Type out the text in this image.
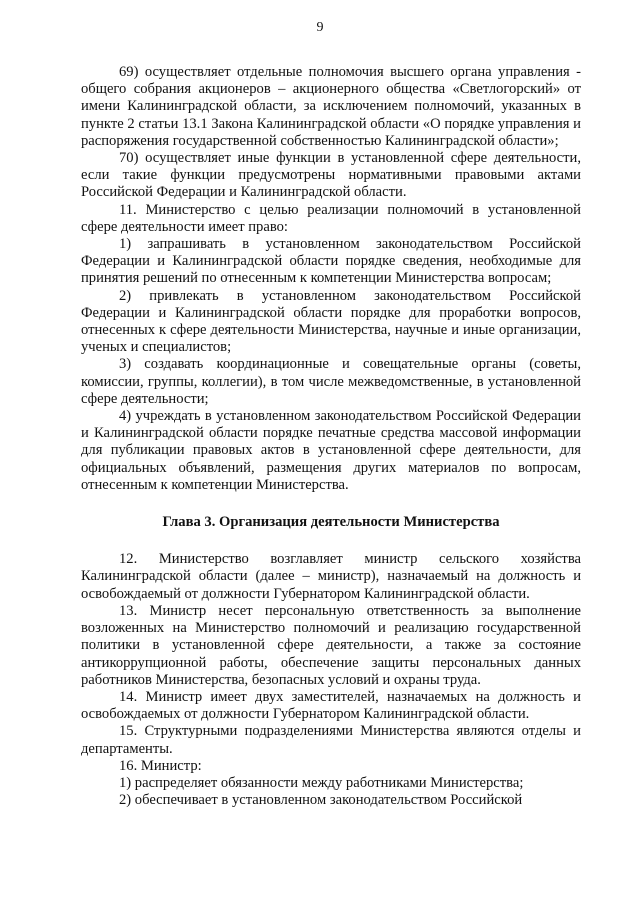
9

69) осуществляет отдельные полномочия высшего органа управления - общего собрания акционеров – акционерного общества «Светлогорский» от имени Калининградской области, за исключением полномочий, указанных в пункте 2 статьи 13.1 Закона Калининградской области «О порядке управления и распоряжения государственной собственностью Калининградской области»;

70) осуществляет иные функции в установленной сфере деятельности, если такие функции предусмотрены нормативными правовыми актами Российской Федерации и Калининградской области.

11. Министерство с целью реализации полномочий в установленной сфере деятельности имеет право:

1) запрашивать в установленном законодательством Российской Федерации и Калининградской области порядке сведения, необходимые для принятия решений по отнесенным к компетенции Министерства вопросам;

2) привлекать в установленном законодательством Российской Федерации и Калининградской области порядке для проработки вопросов, отнесенных к сфере деятельности Министерства, научные и иные организации, ученых и специалистов;

3) создавать координационные и совещательные органы (советы, комиссии, группы, коллегии), в том числе межведомственные, в установленной сфере деятельности;

4) учреждать в установленном законодательством Российской Федерации и Калининградской области порядке печатные средства массовой информации для публикации правовых актов в установленной сфере деятельности, для официальных объявлений, размещения других материалов по вопросам, отнесенным к компетенции Министерства.

Глава 3. Организация деятельности Министерства

12. Министерство возглавляет министр сельского хозяйства Калининградской области (далее – министр), назначаемый на должность и освобождаемый от должности Губернатором Калининградской области.

13. Министр несет персональную ответственность за выполнение возложенных на Министерство полномочий и реализацию государственной политики в установленной сфере деятельности, а также за состояние антикоррупционной работы, обеспечение защиты персональных данных работников Министерства, безопасных условий и охраны труда.

14. Министр имеет двух заместителей, назначаемых на должность и освобождаемых от должности Губернатором Калининградской области.

15. Структурными подразделениями Министерства являются отделы и департаменты.

16. Министр:

1) распределяет обязанности между работниками Министерства;

2) обеспечивает в установленном законодательством Российской
